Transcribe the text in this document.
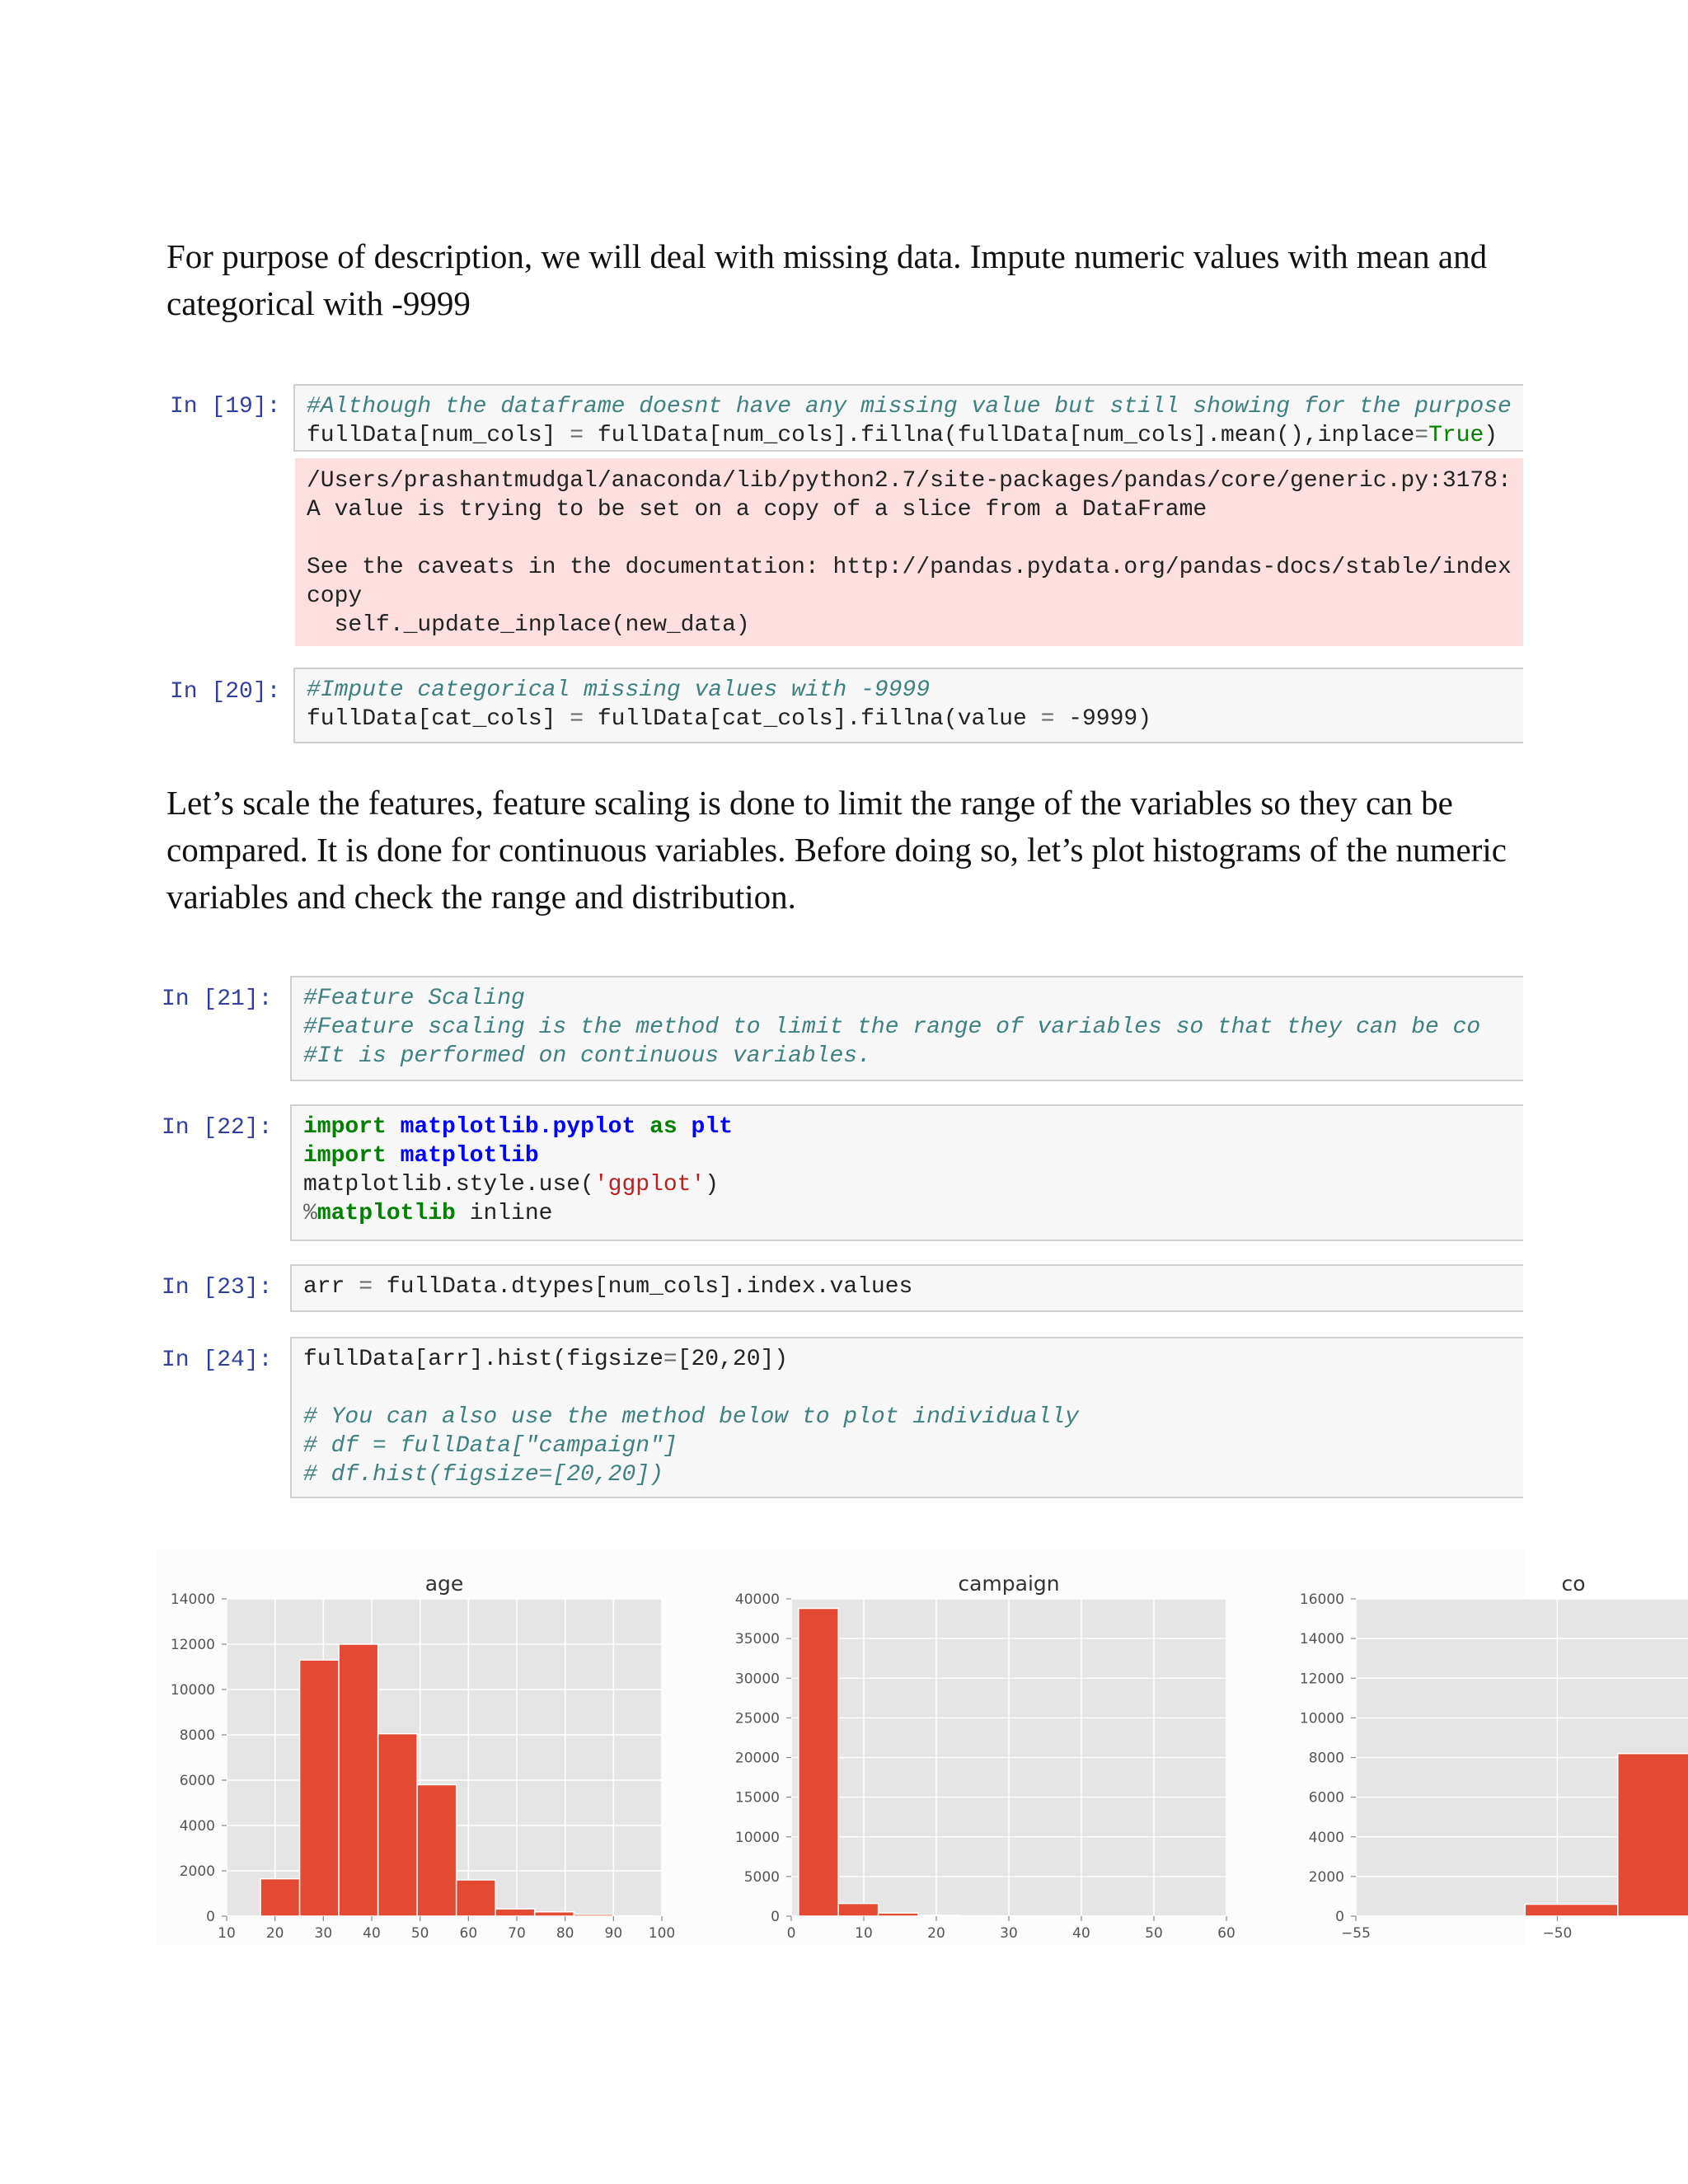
For purpose of description, we will deal with missing data. Impute numeric values with mean and categorical with -9999

In [19]:	#Although the dataframe doesnt have any missing value but still showing for the purpose
fullData[num_cols] = fullData[num_cols].fillna(fullData[num_cols].mean(),inplace=True)
/Users/prashantmudgal/anaconda/lib/python2.7/site-packages/pandas/core/generic.py:3178:
A value is trying to be set on a copy of a slice from a DataFrame

See the caveats in the documentation: http://pandas.pydata.org/pandas-docs/stable/index
copy
self._update_inplace(new_data)
In [20]:	#Impute categorical missing values with -9999
fullData[cat_cols] = fullData[cat_cols].fillna(value = -9999)

Let’s scale the features, feature scaling is done to limit the range of the variables so they can be compared. It is done for continuous variables. Before doing so, let’s plot histograms of the numeric variables and check the range and distribution.

In [21]:	#Feature Scaling
#Feature scaling is the method to limit the range of variables so that they can be co
#It is performed on continuous variables.
In [22]:	import matplotlib.pyplot as plt
import matplotlib
matplotlib.style.use('ggplot')
%matplotlib inline
In [23]:	arr = fullData.dtypes[num_cols].index.values
In [24]:	fullData[arr].hist(figsize=[20,20])

# You can also use the method below to plot individually
# df = fullData["campaign"]
# df.hist(figsize=[20,20])
0
2000
4000
6000
8000
10000
12000
14000
10 20 30 40 50 60 70 80 90 100
age
0
5000
10000
15000
20000
25000
30000
35000
40000
0	10	20	30	40	50	60
campaign
0
2000
4000
6000
8000
10000
12000
14000
16000
−55	−50
co
